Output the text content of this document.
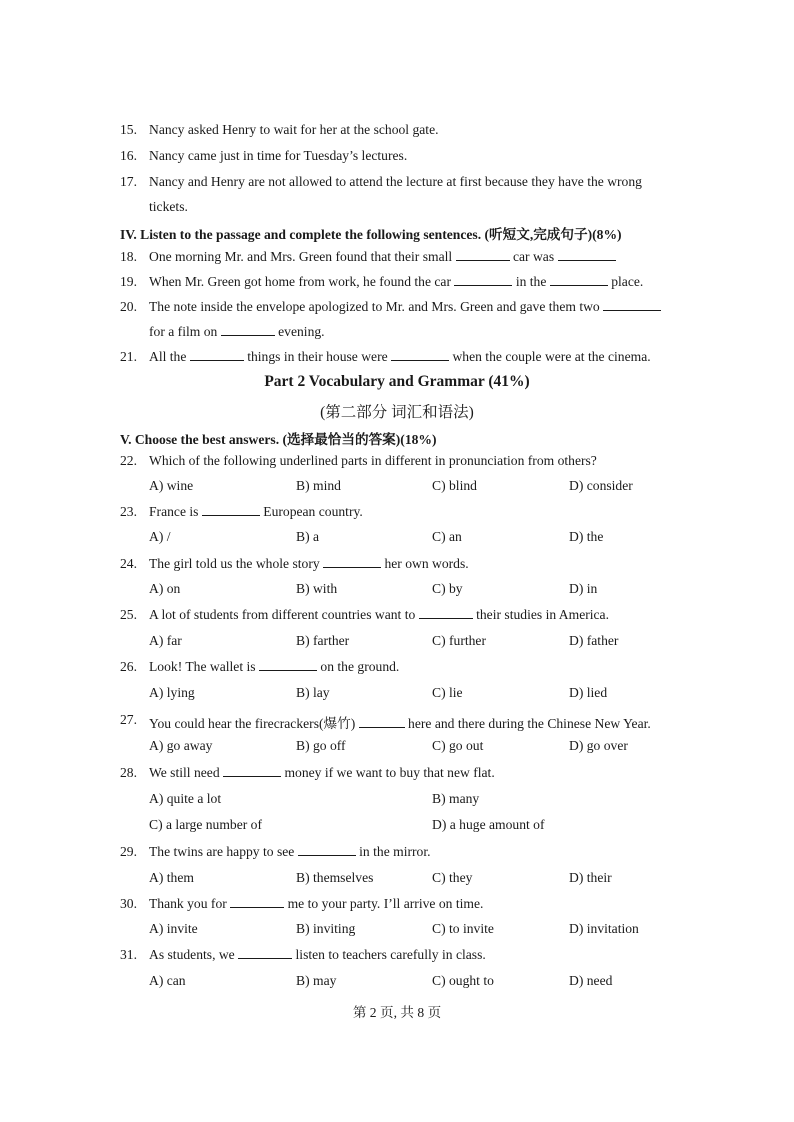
15. Nancy asked Henry to wait for her at the school gate.
16. Nancy came just in time for Tuesday’s lectures.
17. Nancy and Henry are not allowed to attend the lecture at first because they have the wrong
tickets.
IV. Listen to the passage and complete the following sentences. (听短文,完成句子)(8%)
18. One morning Mr. and Mrs. Green found that their small	car was
19. When Mr. Green got home from work, he found the car	in the	place.
20. The note inside the envelope apologized to Mr. and Mrs. Green and gave them two
for a film on	evening.
21. All the	things in their house were	when the couple were at the cinema.
Part 2 Vocabulary and Grammar (41%)
(第二部分 词汇和语法)
V. Choose the best answers. (选择最恰当的答案)(18%)
22. Which of the following underlined parts in different in pronunciation from others?
A) wine	B) mind	C) blind	D) consider
23. France is	European country.
A) /	B) a	C) an	D) the
24. The girl told us the whole story	her own words.
A) on	B) with	C) by	D) in
25. A lot of students from different countries want to	their studies in America.
A) far	B) farther	C) further	D) father
26. Look! The wallet is	on the ground.
A) lying	B) lay	C) lie	D) lied
27. You could hear the firecrackers(爆竹)	here and there during the Chinese New Year.
A) go away	B) go off	C) go out	D) go over
28. We still need	money if we want to buy that new flat.
A) quite a lot	B) many
C) a large number of	D) a huge amount of
29. The twins are happy to see	in the mirror.
A) them	B) themselves	C) they	D) their
30. Thank you for	me to your party. I’ll arrive on time.
A) invite	B) inviting	C) to invite	D) invitation
31. As students, we	listen to teachers carefully in class.
A) can	B) may	C) ought to	D) need
第 2 页, 共 8 页
